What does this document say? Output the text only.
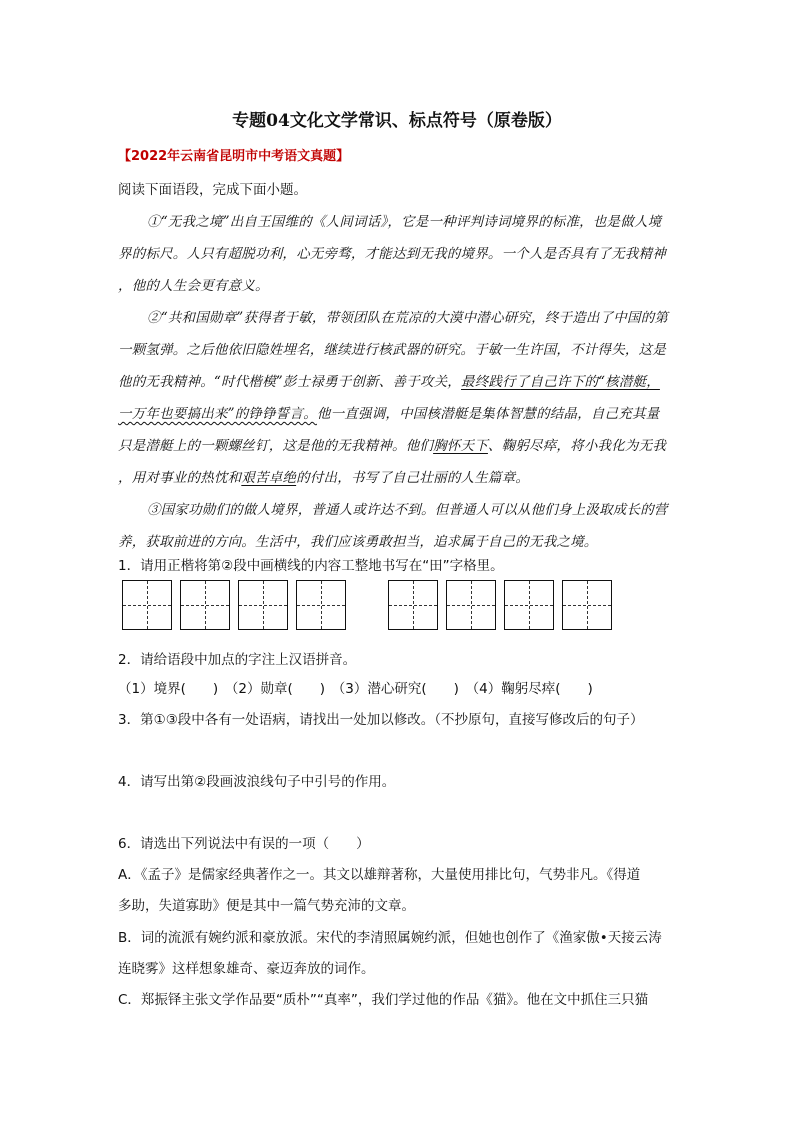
专题04文化文学常识、标点符号（原卷版）
【2022年云南省昆明市中考语文真题】
阅读下面语段，完成下面小题。
①“无我之境”出自王国维的《人间词话》，它是一种评判诗词境界的标准，也是做人境
界的标尺。人只有超脱功利，心无旁骛，才能达到无我的境界。一个人是否具有了无我精神
，他的人生会更有意义。
②“共和国勋章”获得者于敏，带领团队在荒凉的大漠中潜心研究，终于造出了中国的第
一颗氢弹。之后他依旧隐姓埋名，继续进行核武器的研究。于敏一生许国，不计得失，这是
他的无我精神。“时代楷模”彭士禄勇于创新、善于攻关，最终践行了自己许下的“核潜艇，
一万年也要搞出来”的铮铮誓言。他一直强调，中国核潜艇是集体智慧的结晶，自己充其量
只是潜艇上的一颗螺丝钉，这是他的无我精神。他们胸怀天下、鞠躬尽瘁，将小我化为无我
，用对事业的热忱和艰苦卓绝的付出，书写了自己壮丽的人生篇章。
③国家功勋们的做人境界，普通人或许达不到。但普通人可以从他们身上汲取成长的营
养，获取前进的方向。生活中，我们应该勇敢担当，追求属于自己的无我之境。
1．请用正楷将第②段中画横线的内容工整地书写在“田”字格里。
2．请给语段中加点的字注上汉语拼音。
（1）境界(　　)　（2）勋章(　　)　（3）潜心研究(　　)　（4）鞠躬尽瘁(　　)
3．第①③段中各有一处语病，请找出一处加以修改。（不抄原句，直接写修改后的句子）
4．请写出第②段画波浪线句子中引号的作用。
6．请选出下列说法中有误的一项（　　）
A．《孟子》是儒家经典著作之一。其文以雄辩著称，大量使用排比句，气势非凡。《得道
多助，失道寡助》便是其中一篇气势充沛的文章。
B．词的流派有婉约派和豪放派。宋代的李清照属婉约派，但她也创作了《渔家傲•天接云涛
连晓雾》这样想象雄奇、豪迈奔放的词作。
C．郑振铎主张文学作品要“质朴”“真率”，我们学过他的作品《猫》。他在文中抓住三只猫
